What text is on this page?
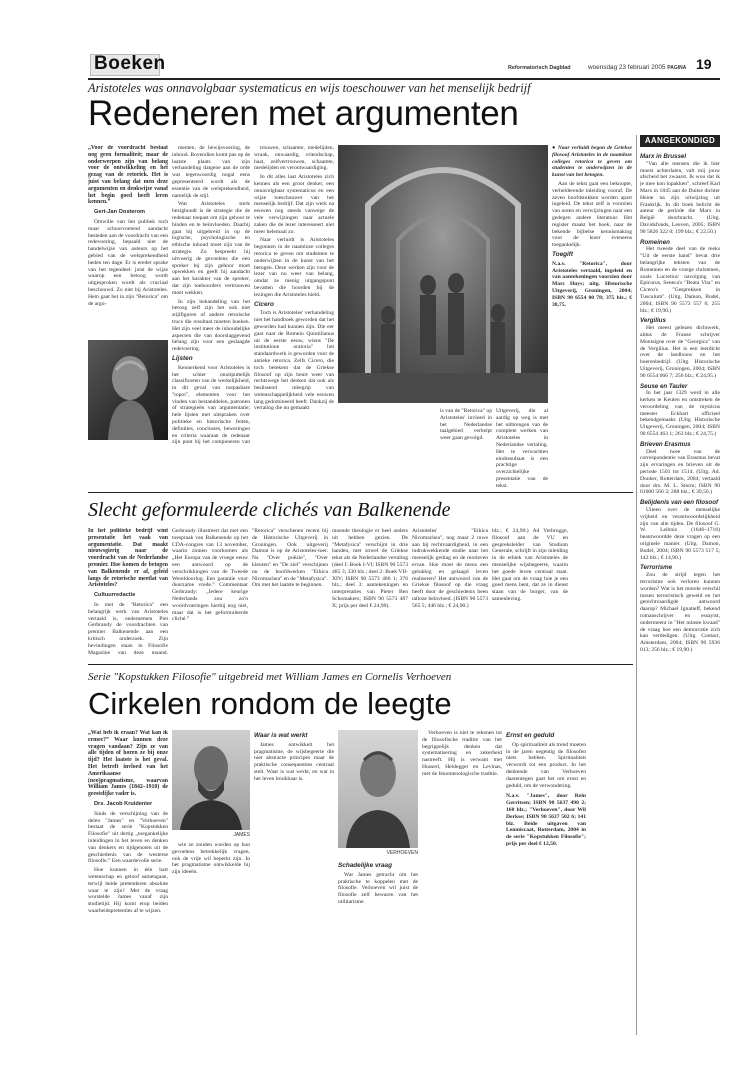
Boeken	Reformatorisch Dagblad	woensdag 23 februari 2005 PAGINA 19
Aristoteles was onnavolgbaar systematicus en wijs toeschouwer van het menselijk bedrijf
Redeneren met argumenten

„Voor de voordracht bestaat nog geen formaliteit; maar de onderwerpen zijn van belang voor de ontwikkeling en het gezag van de retoriek. Het is juist van belang dat men deze argumenten en denkwijze vanaf het begin goed heeft leren kennen.”

Gert-Jan Oosterom

Omwille van het publiek toch maar schoorvoetend aandacht besteden aan de voordracht van een redevoering, bepaald niet de handelwijze van auteurs op het gebied van de welsprekendheid heden ten dage. Er is ereder sprake van het tegendeel: juist de wijze waarop een betoog wordt uitgesproken wordt als cruciaal beschouwd. Zo niet bij Aristoteles. Hem gaat het in zijn "Retorica" om de argu-

menten, de bewijsvoering, de inhoud. Bovendien komt pas op de laatste plaats van zijn verhandeling datgene aan de orde wat tegenwoordig nogal eens gepresenteerd wordt als de essentie van de welsprekendheid, namelijk de stijl.

Wat Aristoteles sterk bezighoudt is de strategie die de redenaar toepast om zijn gehoor te binden en te beïnvloeden. Daarbij gaat hij uitgebreid in op de logische, psychologische en ethische inhoud moet zijn van de strategie. Zo bespreekt hij uitvoerig de gevoelens die een spreker bij zijn gehoor moet opwekken en geeft hij aandacht aan het karakter van de spreker, dat zijn toehoorders vertrouwen moet wekken.

In zijn behandeling van het betoog zelf zijn het ook niet stijlfiguren of andere retorische trucs die resultaat moeten boeken. Het zijn veel meer de inhoudelijke aspecten die van doorslaggevend belang zijn voor een geslaagde redevoering.

Lijsten

Kennerkend voor Aristoteles is het schier onuitputtelijk classificeren van de werkelijkheid, in dit geval van toepasbare "topoi", elementen voor het vinden van bestanddelen, patronen of strategieën van argumentatie; hele lijsten met uitspraken over politieke en historische feiten, definities, conclusies, beweringen en criteria waaraan de redenaar zijn punt bij het componeren van

trouwen, schaamte, medelijden, wraak, onwaardig, vriendschap, haat, zelfvertrouwen, schaamte, medelijden en verontwaardiging.

In dit alles laat Aristoteles zich kennen als een groot denker, een onnavolgbaar systematicus en een wijze toeschouwer van het menselijk bedrijf. Dat zijn werk na eeuwen nog steeds vanwege de vele verwijzingen naar actuele zaken die de lezer interesseert niet meer helemaal zo.

Naar verluidt is Aristoteles begonnen in de naamloze colleges retorica te geven om studenten te onderwijzen in de kunst van het betogen. Deze werken zijn voor de lezer van nu weer van belang, omdat ze menig uitgangspunt bevatten die hoorden bij de lezingen die Aristoteles hield.

Cicero

Toch is Aristoteles' verhandeling niet het handboek geworden dat het geworden had kunnen zijn. Die eer gaat naar de Romein Quintilianus uit de eerste eeuw, wiens "De institutione oratoria" het standaardwerk is geworden voor de antieke retorica. Zelfs Cicero, die toch betekent dat de Griekse filosoof op zijn beurt weer van rechtswege het denken dat ook als beslissend inbegrip van wetenschappelijkheid vele eeuwen lang gedomineerd heeft. Dankzij de vertaling die nu gemaakt

● Naar verluidt begon de Griekse filosoof Aristoteles in de naamloze colleges retorica te geven om studenten te onderwijzen in de kunst van het betogen.

Aan de tekst gaat een beknopte, verhelderende inleiding vooraf. De zeven hoofdstukken worden apart ingeleid. De tekst zelf is voorzien van noten en verwijzingen naar een gedegen andere literatuur. Het register maakt het boek, naar de bekende bijbelse kennismaking voor de lezer eveneens toegankelijk.

Toegift

N.a.v. "Retorica", door Aristoteles vertaald, ingeleid en van aantekeningen voorzien door Marc Huys; uitg. Historische Uitgeverij, Groningen, 2004; ISBN 90 6554 00 78; 375 blz.; € 38,75.

is van de "Retorica" op Aristoteles' invloed in het Nederlandse taalgebied verhelpt weer gaan gevolgd.

Uitgeverij, die al aardig op weg is met het uitbrengen van de complete werken van Aristoteles in Nederlandse vertaling. Het te verwachten eindresultaat is een prachtige overzichtelijke presentatie van de tekst.

AANGEKONDIGD
Marx in Brussel

"Van alle mensen die ik hier moest achterlaten, valt mij jouw afscheid het zwaarst. Ik wou dat ik je mee kon inpakken", schreef Karl Marx in 1845 aan de Duitse dichter Heine na zijn uitwijzing uit Frankrijk. In dit boek belicht de auteur de periode die Marx in België doorbracht. (Uitg. Davidsfonds, Leuven, 2005; ISBN 90 5826 322 0; 199 blz.; € 22,50.)

Romeinen

Het tweede deel van de reeks "Uit de eerste hand" bevat drie belangrijke teksten van de Romeinen en de vroege christenen, zoals Lucretius' navolging van Epicurus, Seneca's "Beata Vita" en Cicero's "Gesprekken in Tusculum". (Uitg. Damon, Budel, 2004; ISBN 90 5573 557 6; 255 blz.; € 19,90.)

Vergilius

Het meest gelezen dichtwerk, aldus de Franse schrijver Montaigne over de "Georgica" van de Vergilius. Het is een leerdicht over de landbouw en het boerenbedrijf. (Uitg. Historische Uitgeverij, Groningen, 2004; ISBN 90 6554 066 7; 256 blz.; € 24,95.)

Seuse en Tauler

In het jaar 1329 werd in alle kerken te Keulen en omstreken de veroordeling van de mysticus meester Eckhart officieel bekendgemaakt. (Uitg. Historische Uitgeverij, Groningen, 2004; ISBN 90 6554 463 1; 263 blz.; € 24,75.)

Brieven Erasmus

Deel twee van de correspondentie van Erasmus bevat zijn ervaringen en brieven uit de periode 1501 tot 1514. (Uitg. Ad. Donker, Rotterdam, 2004; vertaald door drs. M. L. Storm; ISBN 90 61000 566 3; 288 blz.; € 39,50.)

Belijdenis van een filosoof

Uiteen over de menselijke vrijheid en verantwoordelijkheid zijn van alle tijden. De filosoof G. W. Leibniz (1646–1716) beantwoordde deze vragen op een originele manier. (Uitg. Damon, Budel, 2004; ISBN 90 5573 517 5; 142 blz.; € 14,90.)

Terrorisme

Zou de strijd tegen het terrorisme ook verloren kunnen worden? Wat is het morele verschil tussen terroristisch geweld en het gerechtvaardigde antwoord daarop? Michael Ignatieff, bekend romanschrijver en essayist, ondermeent in "Het minste kwaad" de vraag hoe een democratie zich kan verdedigen. (Uitg. Contact, Amsterdam, 2004; ISBN 90 5936 013; 256 blz.; € 19,90.)

Slecht geformuleerde clichés van Balkenende

In het politieke bedrijf wint presentatie het vaak van argumentatie. Dat maakt nieuwsgierig naar de voordracht van de Nederlandse premier. Hoe komen de betogen van Balkenende er af, geleid langs de retorische meetlat van Aristoteles?

Cultuurredactie

In met de "Retorica" een belangrijk werk van Aristoteles vertaald is, ondernemen Piet Gerbrandy de voordrachten van premier Balkenende aan een kritisch onderzoek. Zijn bevindingen staan in Filosofie Magazine van deze maand.

Gerbrandy illustreert dat met een toespraak van Balkenende op het CDA-congres van 13 november, waarin zinnen voorkomen als „Het Europa van de vroege eeuw een antwoord op de verschrikkingen van de Tweede Wereldoorlog. Een garantie voor duurzame vrede.” Commentaar Gerbrandy: „Iedere keurige Nederlands zou zo'n woordvoeringen hierbij nog niet, maar dat is het geformuleerde cliché.”

"Retorica" verschenen recent bij de Historische Uitgeverij in Groningen. Ook uitgeverij Damon is op de Aristoteles-toer. Na "Over poëzie", "Over kleuren" en "De ziel" verschijnen nu de hoofdwerken "Ethica Nicomachea" en de "Metafysica". Om met het laatste te beginnen.

moende theologie er heel anders uit hebben gezien. De "Metafysica" verschijnt in drie banden, met zowel de Griekse tekst als de Nederlandse vertaling (deel I: Boek I-VI; ISBN 90 5573 485 3; 330 blz.; deel 2: Boek VII-XIV; ISBN 90 5573 486 1; 376 blz.; deel 3: aantekeningen en interpretaties van Pieter Ben Schomakers; ISBN 90 5573 487 X; prijs per deel € 24,90).

Aristoteles' "Ethica Nicomachea", nog maar 2 ruwe aan bij rechtvaardigheid, in een indrukwekkende studie naar het menselijk gedrag en de motieven ervan. Hoe moet de mens een gelukkig en gelaagd leven realiseren? Het antwoord van de Griekse filosoof op die vraag heeft door de geschiedenis heen talloze beïnvloed. (ISBN 90 5573 565 5; 446 blz.; € 24,90.)

blz.; € 24,90.) Ad Verbrugge, filosoof aan de VU en gespreksleider van Studium Generale, schrijft in zijn inleiding in de ethiek van Aristoteles de menselijke wijsbegeerte, waarin het goede leven centraal staat. Het gaat om de vraag hoe je een goed mens bent, dat ze in dienst staan van de burger, van de samenleving.

Serie "Kopstukken Filosofie" uitgebreid met William James en Cornelis Verhoeven
Cirkelen rondom de leegte

„Wat heb ik eraan? Wat kan ik ermee?” Waar kunnen deze vragen vandaan? Zijn ze van alle tijden of horen ze bij onze tijd? Het laatste is het geval. Het betreft invloed van het Amerikaanse (neo)pragmatisme, waarvan William James (1842–1910) de geestelijke vader is.

Drs. Jacob Kruidenier

Sinds de verschijning van de delen "James" en "Verhoeven" bestaat de serie "Kopstukken Filosofie" uit dertig „toegankelijke inleidingen in het leven en denken van denkers en tijdgenoten uit de geschiedenis van de westerse filosofie.” Een waardevolle serie.

Hoe kunnen in één hart wetenschap en geloof samengaan, terwijl beide pretenderen absolute waar te zijn? Met de vraag worstelde James vanaf zijn studietijd. Hij komt erop beiden waarheidspretenties af te wijzen.

JAMES

wie ze zouden worden op hun gevoelens betrekkelijk vragen, ook de vrije wil beperkt zijn. In het pragmatisme ontwikkelde hij zijn ideeën.

Waar is wat werkt

James ontwikkelt het pragmatisme, de wijsbegeerte die niet abstracte principes maar de praktische consequenties centraal stelt. Waar is wat werkt, en wat in het leven bruikbaar is.

VERHOEVEN
Schadelijke vraag

Wat James getracht om het praktische te koppelen met de filosofie. Verhoeven wil juist de filosofie zelf bewaren van het utilitarisme.

Verhoeven is niet te rekenen tot de filosofische traditie van het begrippelijk denken dat systematisering en zekerheid nastreeft. Hij is verwant met Husserl, Heidegger en Levinas, met de fenomenologische traditie.

Ernst en geduld

Op spiritualiteit als trend moeten in de jaren negentig de filosofen niets hebben. Spiritualiteit verwordt tot een product. In het denkende van Verhoeven daarentegen gaat het om ernst en geduld, om de verwondering.

N.a.v. "James", door Rein Gerritsen; ISBN 90 5637 490 2; 160 blz.; "Verhoeven", door Wil Derkse; ISBN 90 5637 502 6; 141 blz. Beide uitgaven van Lemniscaat, Rotterdam, 2004 in de serie "Kopstukken Filosofie"; prijs per deel € 12,50.
